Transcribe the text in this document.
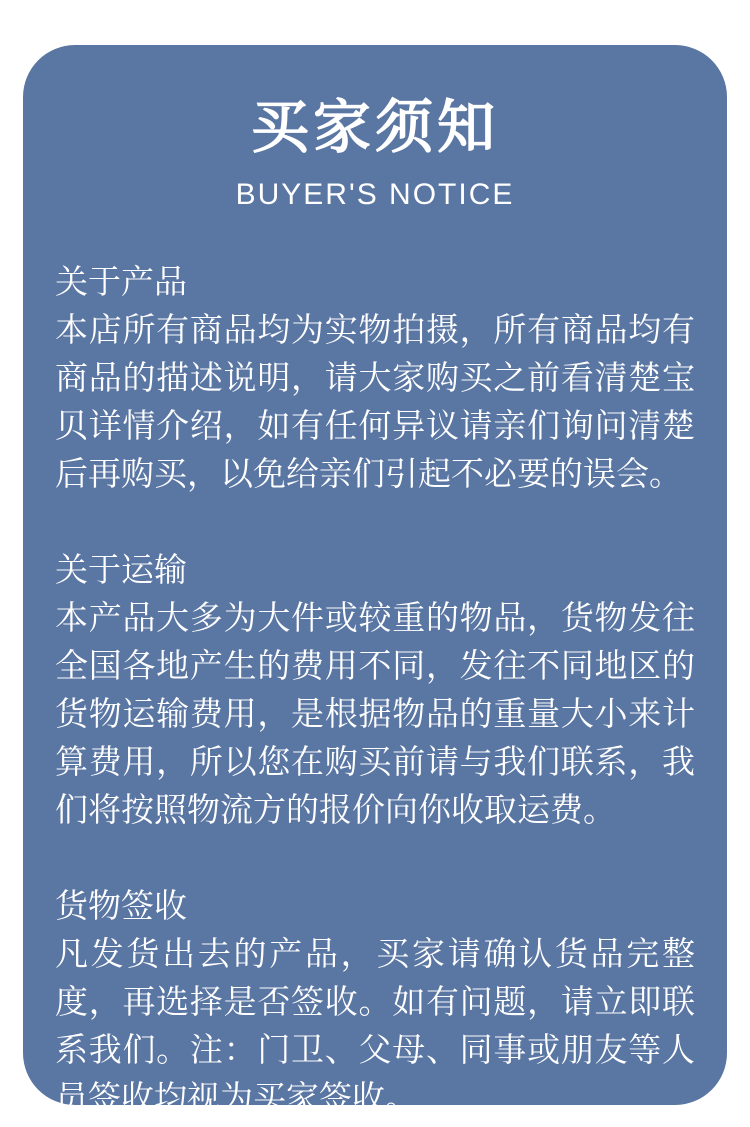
买家须知
BUYER'S NOTICE
关于产品
本店所有商品均为实物拍摄，所有商品均有商品的描述说明，请大家购买之前看清楚宝贝详情介绍，如有任何异议请亲们询问清楚后再购买，以免给亲们引起不必要的误会。
关于运输
本产品大多为大件或较重的物品，货物发往全国各地产生的费用不同，发往不同地区的货物运输费用，是根据物品的重量大小来计算费用，所以您在购买前请与我们联系，我们将按照物流方的报价向你收取运费。
货物签收
凡发货出去的产品，买家请确认货品完整度，再选择是否签收。如有问题，请立即联系我们。注：门卫、父母、同事或朋友等人员签收均视为买家签收。
